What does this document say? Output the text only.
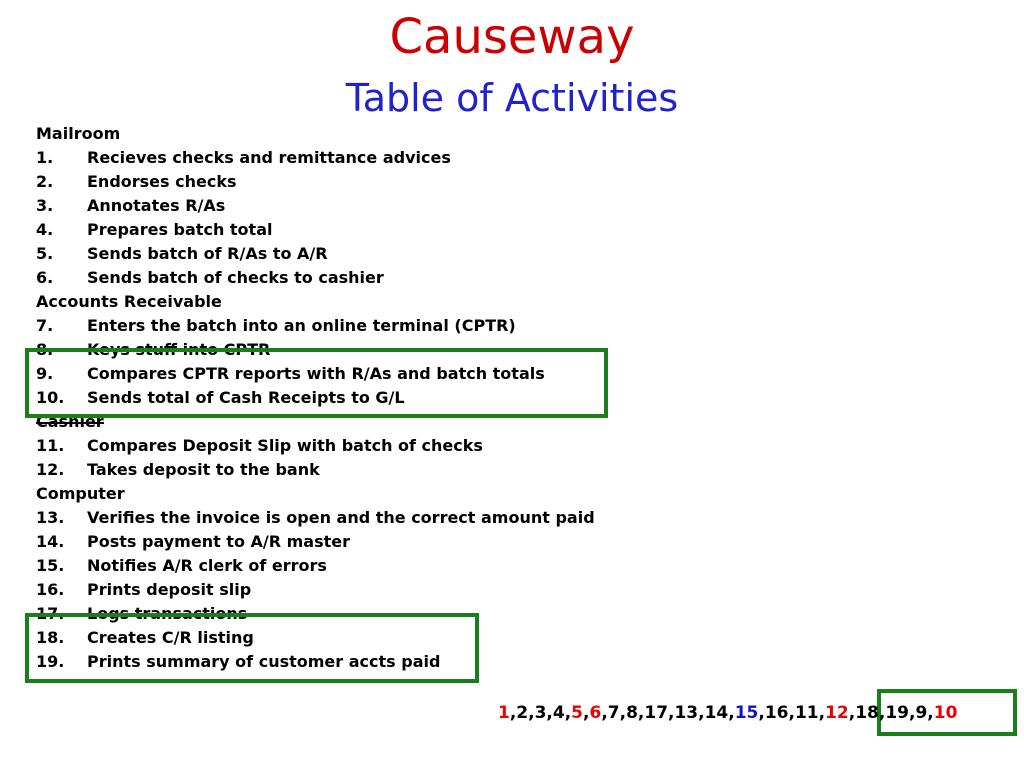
Causeway
Table of Activities
Mailroom
1. Recieves checks and remittance advices
2. Endorses checks
3. Annotates R/As
4. Prepares batch total
5. Sends batch of R/As to A/R
6. Sends batch of checks to cashier
Accounts Receivable
7. Enters the batch into an online terminal (CPTR)
9. Compares CPTR reports with R/As and batch totals
10. Sends total of Cash Receipts to G/L
11. Compares Deposit Slip with batch of checks
12. Takes deposit to the bank
Computer
13. Verifies the invoice is open and the correct amount paid
14. Posts payment to A/R master
15. Notifies A/R clerk of errors
16. Prints deposit slip
18. Creates C/R listing
19. Prints summary of customer accts paid
1,2,3,4,5,6,7,8,17,13,14,15,16,11,12,18,19,9,10
